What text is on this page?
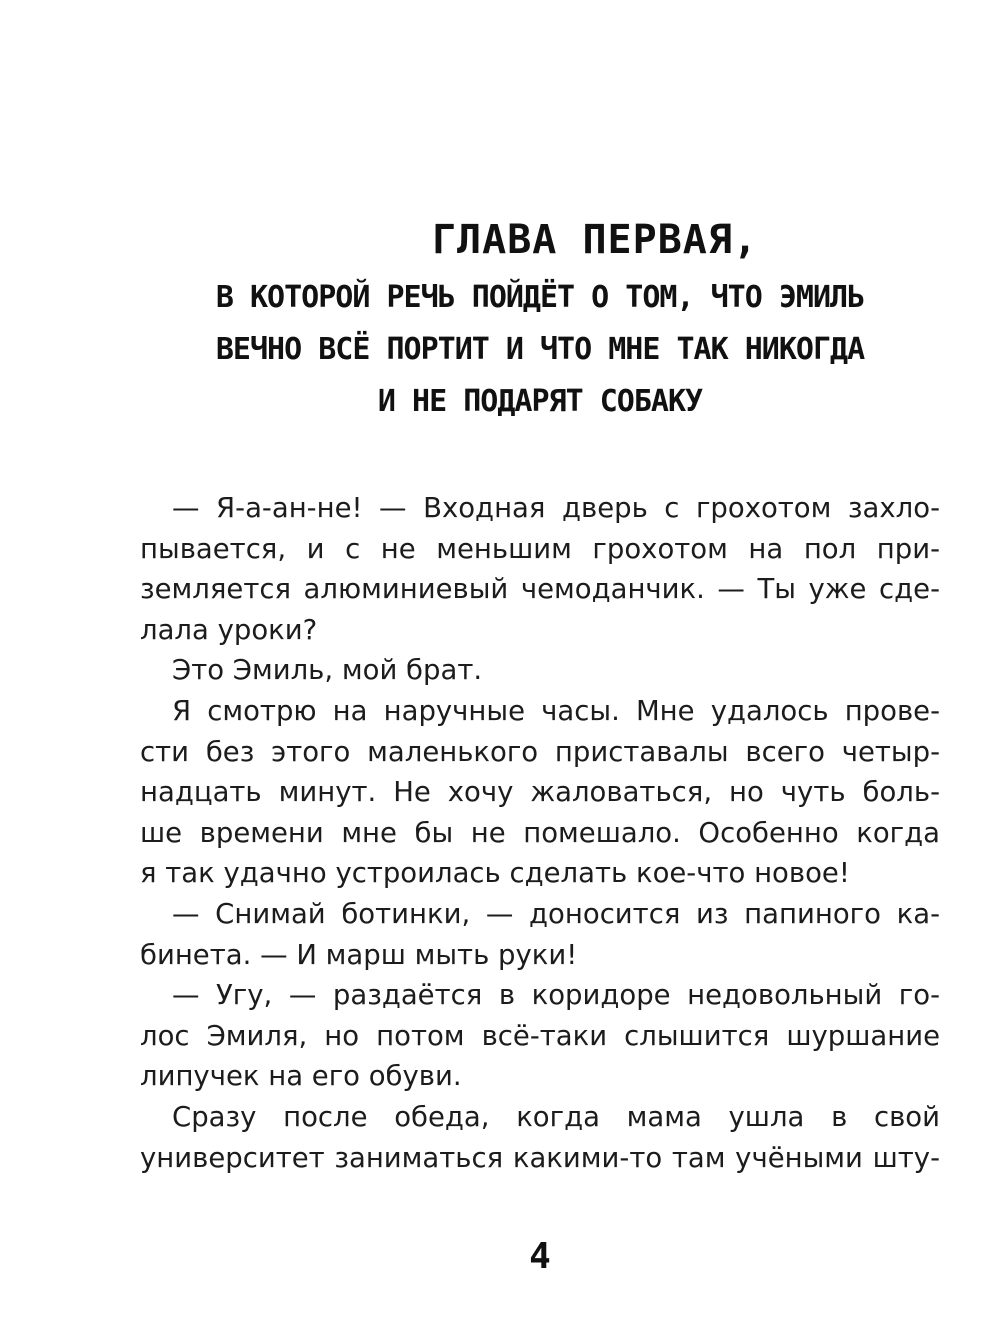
ГЛАВА ПЕРВАЯ,
В КОТОРОЙ РЕЧЬ ПОЙДЁТ О ТОМ, ЧТО ЭМИЛЬ
ВЕЧНО ВСЁ ПОРТИТ И ЧТО МНЕ ТАК НИКОГДА
И НЕ ПОДАРЯТ СОБАКУ

— Я-а-ан-не! — Входная дверь с грохотом захло-
пывается, и с не меньшим грохотом на пол при-
земляется алюминиевый чемоданчик. — Ты уже сде-
лала уроки?

Это Эмиль, мой брат.

Я смотрю на наручные часы. Мне удалось прове-
сти без этого маленького приставалы всего четыр-
надцать минут. Не хочу жаловаться, но чуть боль-
ше времени мне бы не помешало. Особенно когда
я так удачно устроилась сделать кое-что новое!

— Снимай ботинки, — доносится из папиного ка-
бинета. — И марш мыть руки!

— Угу, — раздаётся в коридоре недовольный го-
лос Эмиля, но потом всё-таки слышится шуршание
липучек на его обуви.

Сразу после обеда, когда мама ушла в свой
университет заниматься какими-то там учёными шту-

4
